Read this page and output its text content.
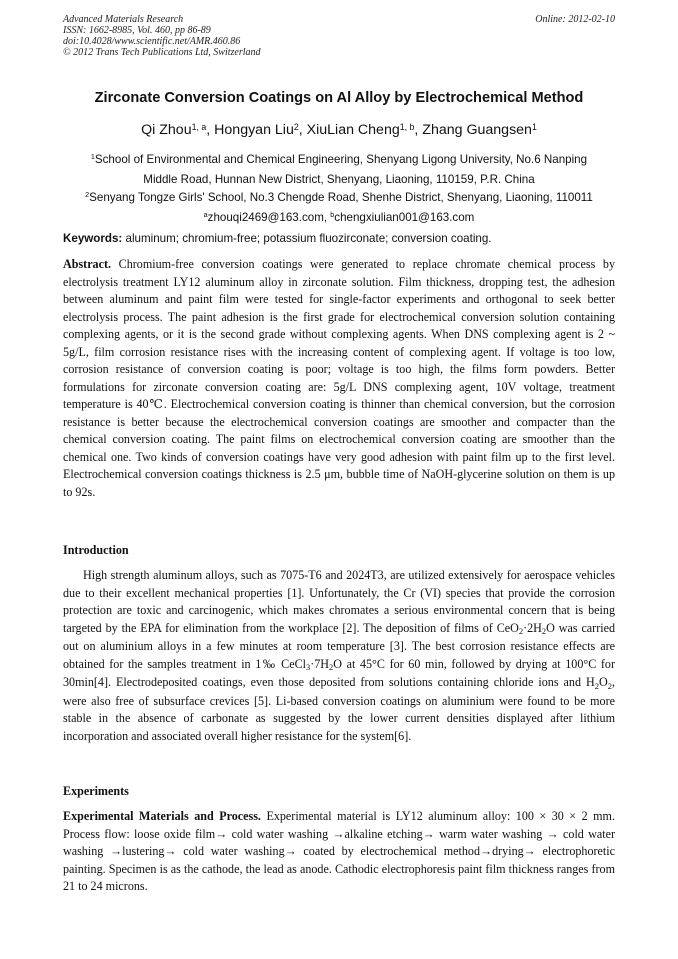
Advanced Materials Research
ISSN: 1662-8985, Vol. 460, pp 86-89
doi:10.4028/www.scientific.net/AMR.460.86
© 2012 Trans Tech Publications Ltd, Switzerland
Online: 2012-02-10
Zirconate Conversion Coatings on Al Alloy by Electrochemical Method
Qi Zhou$^{1, a}$, Hongyan Liu$^2$, XiuLian Cheng$^{1, b}$, Zhang Guangsen$^1$
$^1$School of Environmental and Chemical Engineering, Shenyang Ligong University, No.6 Nanping
Middle Road, Hunnan New District, Shenyang, Liaoning, 110159, P.R. China
$^2$Senyang Tongze Girls' School, No.3 Chengde Road, Shenhe District, Shenyang, Liaoning, 110011
$^a$zhouqi2469@163.com, $^b$chengxiulian001@163.com
Keywords: aluminum; chromium-free; potassium fluozirconate; conversion coating.
Abstract. Chromium-free conversion coatings were generated to replace chromate chemical process by electrolysis treatment LY12 aluminum alloy in zirconate solution. Film thickness, dropping test, the adhesion between aluminum and paint film were tested for single-factor experiments and orthogonal to seek better electrolysis process. The paint adhesion is the first grade for electrochemical conversion solution containing complexing agents, or it is the second grade without complexing agents. When DNS complexing agent is 2 ~ 5g/L, film corrosion resistance rises with the increasing content of complexing agent. If voltage is too low, corrosion resistance of conversion coating is poor; voltage is too high, the films form powders. Better formulations for zirconate conversion coating are: 5g/L DNS complexing agent, 10V voltage, treatment temperature is 40℃. Electrochemical conversion coating is thinner than chemical conversion, but the corrosion resistance is better because the electrochemical conversion coatings are smoother and compacter than the chemical conversion coating. The paint films on electrochemical conversion coating are smoother than the chemical one. Two kinds of conversion coatings have very good adhesion with paint film up to the first level. Electrochemical conversion coatings thickness is 2.5 μm, bubble time of NaOH-glycerine solution on them is up to 92s.
Introduction
High strength aluminum alloys, such as 7075-T6 and 2024T3, are utilized extensively for aerospace vehicles due to their excellent mechanical properties [1]. Unfortunately, the Cr (VI) species that provide the corrosion protection are toxic and carcinogenic, which makes chromates a serious environmental concern that is being targeted by the EPA for elimination from the workplace [2]. The deposition of films of $CeO_2\cdot 2H_2O$ was carried out on aluminium alloys in a few minutes at room temperature [3]. The best corrosion resistance effects are obtained for the samples treatment in 1‰ $CeCl_3\cdot 7H_2O$ at 45°C for 60 min, followed by drying at 100°C for 30min[4]. Electrodeposited coatings, even those deposited from solutions containing chloride ions and $H_2O_2$, were also free of subsurface crevices [5]. Li-based conversion coatings on aluminium were found to be more stable in the absence of carbonate as suggested by the lower current densities displayed after lithium incorporation and associated overall higher resistance for the system[6].
Experiments
Experimental Materials and Process. Experimental material is LY12 aluminum alloy: 100 × 30 × 2 mm. Process flow: loose oxide film→ cold water washing →alkaline etching→ warm water washing → cold water washing →lustering→ cold water washing→ coated by electrochemical method→drying→ electrophoretic painting. Specimen is as the cathode, the lead as anode. Cathodic electrophoresis paint film thickness ranges from 21 to 24 microns.
